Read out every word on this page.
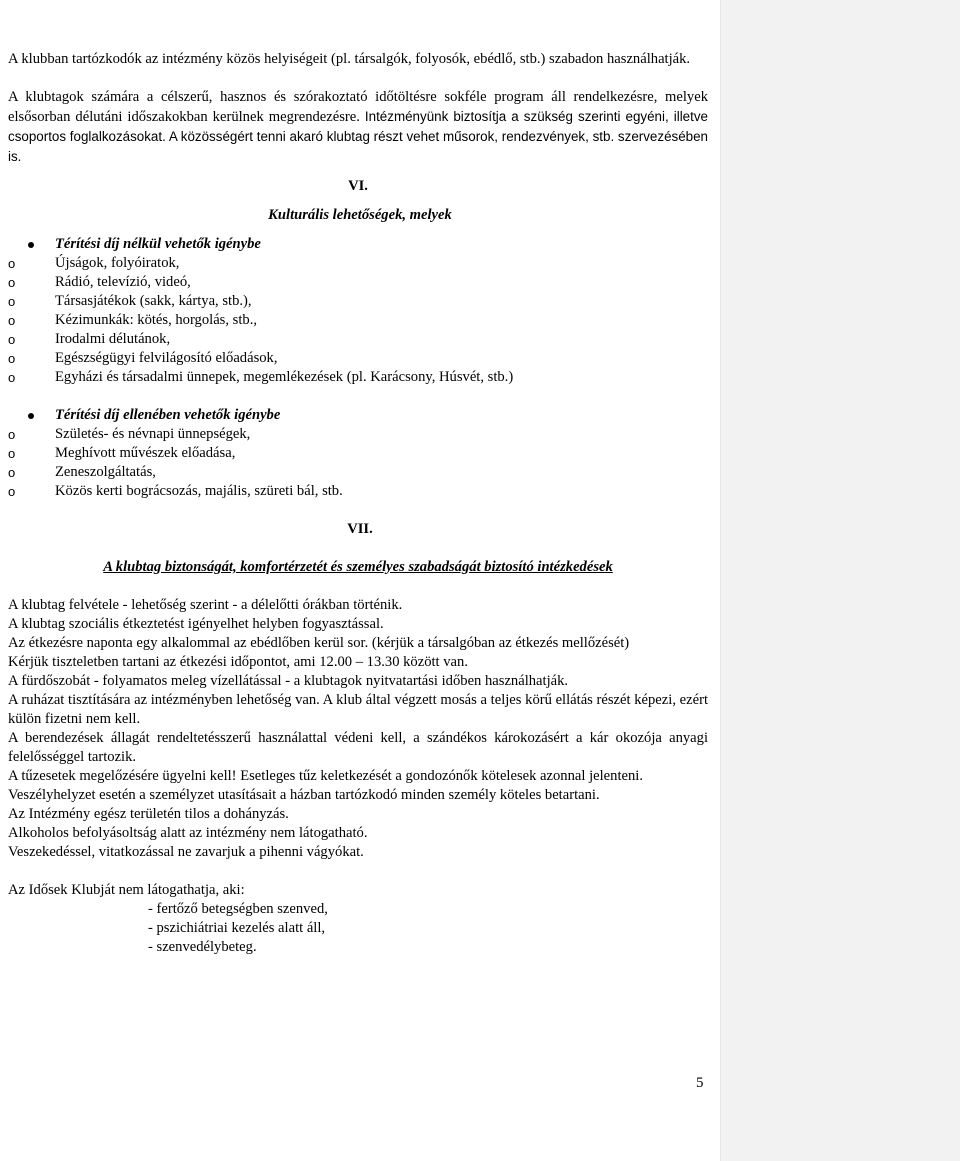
A klubban tartózkodók az intézmény közös helyiségeit (pl. társalgók, folyosók, ebédlő, stb.) szabadon használhatják.

A klubtagok számára a célszerű, hasznos és szórakoztató időtöltésre sokféle program áll rendelkezésre, melyek elsősorban délutáni időszakokban kerülnek megrendezésre. Intézményünk biztosítja a szükség szerinti egyéni, illetve csoportos foglalkozásokat. A közösségért tenni akaró klubtag részt vehet műsorok, rendezvények, stb. szervezésében is.

VI.

Kulturális lehetőségek, melyek

Térítési díj nélkül vehetők igénybe
o	Újságok, folyóiratok,
o	Rádió, televízió, videó,
o	Társasjátékok (sakk, kártya, stb.),
o	Kézimunkák: kötés, horgolás, stb.,
o	Irodalmi délutánok,
o	Egészségügyi felvilágosító előadások,
o	Egyházi és társadalmi ünnepek, megemlékezések (pl. Karácsony, Húsvét, stb.)
Térítési díj ellenében vehetők igénybe
o	Születés- és névnapi ünnepségek,
o	Meghívott művészek előadása,
o	Zeneszolgáltatás,
o	Közös kerti bográcsozás, majális, szüreti bál, stb.

VII.

A klubtag biztonságát, komfortérzetét és személyes szabadságát biztosító intézkedések

A klubtag felvétele - lehetőség szerint - a délelőtti órákban történik.

A klubtag szociális étkeztetést igényelhet helyben fogyasztással.

Az étkezésre naponta egy alkalommal az ebédlőben kerül sor. (kérjük a társalgóban az étkezés mellőzését)

Kérjük tiszteletben tartani az étkezési időpontot, ami 12.00 – 13.30 között van.

A fürdőszobát - folyamatos meleg vízellátással - a klubtagok nyitvatartási időben használhatják.

A ruházat tisztítására az intézményben lehetőség van. A klub által végzett mosás a teljes körű ellátás részét képezi, ezért külön fizetni nem kell.

A berendezések állagát rendeltetésszerű használattal védeni kell, a szándékos károkozásért a kár okozója anyagi felelősséggel tartozik.

A tűzesetek megelőzésére ügyelni kell! Esetleges tűz keletkezését a gondozónők kötelesek azonnal jelenteni.

Veszélyhelyzet esetén a személyzet utasításait a házban tartózkodó minden személy köteles betartani.

Az Intézmény egész területén tilos a dohányzás.

Alkoholos befolyásoltság alatt az intézmény nem látogatható.

Veszekedéssel, vitatkozással ne zavarjuk a pihenni vágyókat.

Az Idősek Klubját nem látogathatja, aki:

- fertőző betegségben szenved,

- pszichiátriai kezelés alatt áll,

- szenvedélybeteg.

5
